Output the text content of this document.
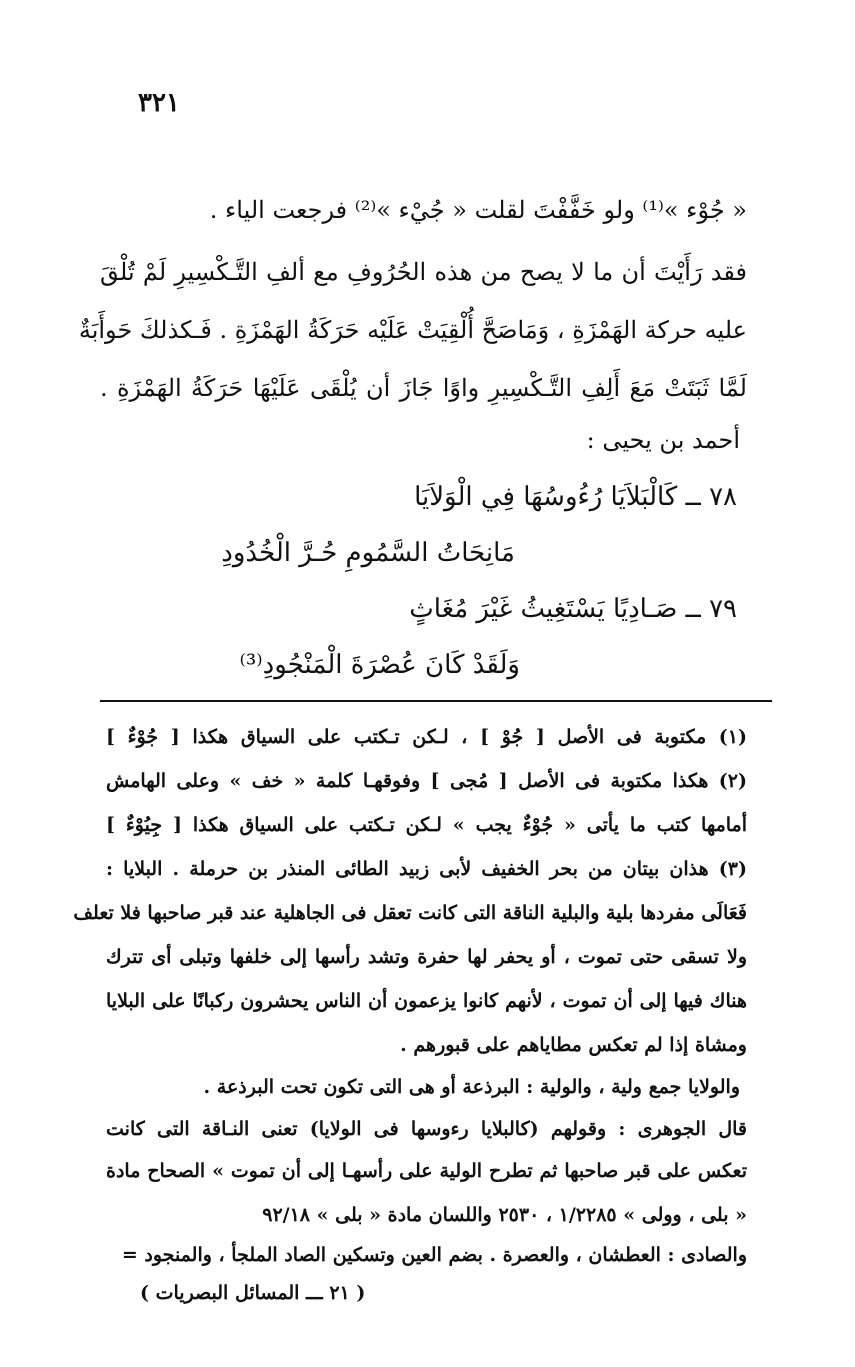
٣٢١
« جُوْء »⁽¹⁾ ولو خَفَّفْتَ لقلت « جُيْء »⁽²⁾ فرجعت الياء .
فقد رَأَيْتَ أن ما لا يصح من هذه الحُرُوفِ مع ألفِ التَّـكْسِيرِ لَمْ تُلْقَ
عليه حركة الهَمْزَةِ ، وَمَاصَحَّ أُلْقِيَتْ عَلَيْه حَرَكَةُ الهَمْزَةِ . فَـكذلكَ حَوأَبَةٌ
لَمَّا ثَبَتَتْ مَعَ أَلِفِ التَّـكْسِيرِ واوًا جَازَ أن يُلْقَى عَلَيْهَا حَرَكَةُ الهَمْزَةِ .
أحمد بن يحيى :
٧٨ ــ كَالْبَلاَيَا رُءُوسُهَا فِي الْوَلاَيَا
مَانِحَاتُ السَّمُومِ حُـرَّ الْخُدُودِ
٧٩ ــ صَـادِيًا يَسْتَغِيثُ غَيْرَ مُغَاثٍ
وَلَقَدْ كَانَ عُصْرَةَ الْمَنْجُودِ⁽³⁾
(١) مكتوبة فى الأصل [ جُوْ ] ، لـكن تـكتب على السياق هكذا [ جُوْءٌ ]
(٢) هكذا مكتوبة فى الأصل [ مُجى ] وفوقهـا كلمة « خف » وعلى الهامش
أمامها كتب ما يأتى « جُوْءٌ يجب » لـكن تـكتب على السياق هكذا [ جِيُوْءٌ ]
(٣) هذان بيتان من بحر الخفيف لأبى زبيد الطائى المنذر بن حرملة . البلايا :
فَعَالَى مفردها بلية والبلية الناقة التى كانت تعقل فى الجاهلية عند قبر صاحبها فلا تعلف
ولا تسقى حتى تموت ، أو يحفر لها حفرة وتشد رأسها إلى خلفها وتبلى أى تترك
هناك فيها إلى أن تموت ، لأنهم كانوا يزعمون أن الناس يحشرون ركبانًا على البلايا
ومشاة إذا لم تعكس مطاياهم على قبورهم .
والولايا جمع ولية ، والولية : البرذعة أو هى التى تكون تحت البرذعة .
قال الجوهرى : وقولهم (كالبلايا رءوسها فى الولايا) تعنى النـاقة التى كانت
تعكس على قبر صاحبها ثم تطرح الولية على رأسهـا إلى أن تموت » الصحاح مادة
« بلى ، وولى » ١/٢٢٨٥ ، ٢٥٣٠ واللسان مادة « بلى » ٩٢/١٨
والصادى : العطشان ، والعصرة . بضم العين وتسكين الصاد الملجأ ، والمنجود =
( ٢١ ـــ المسائل البصريات )
